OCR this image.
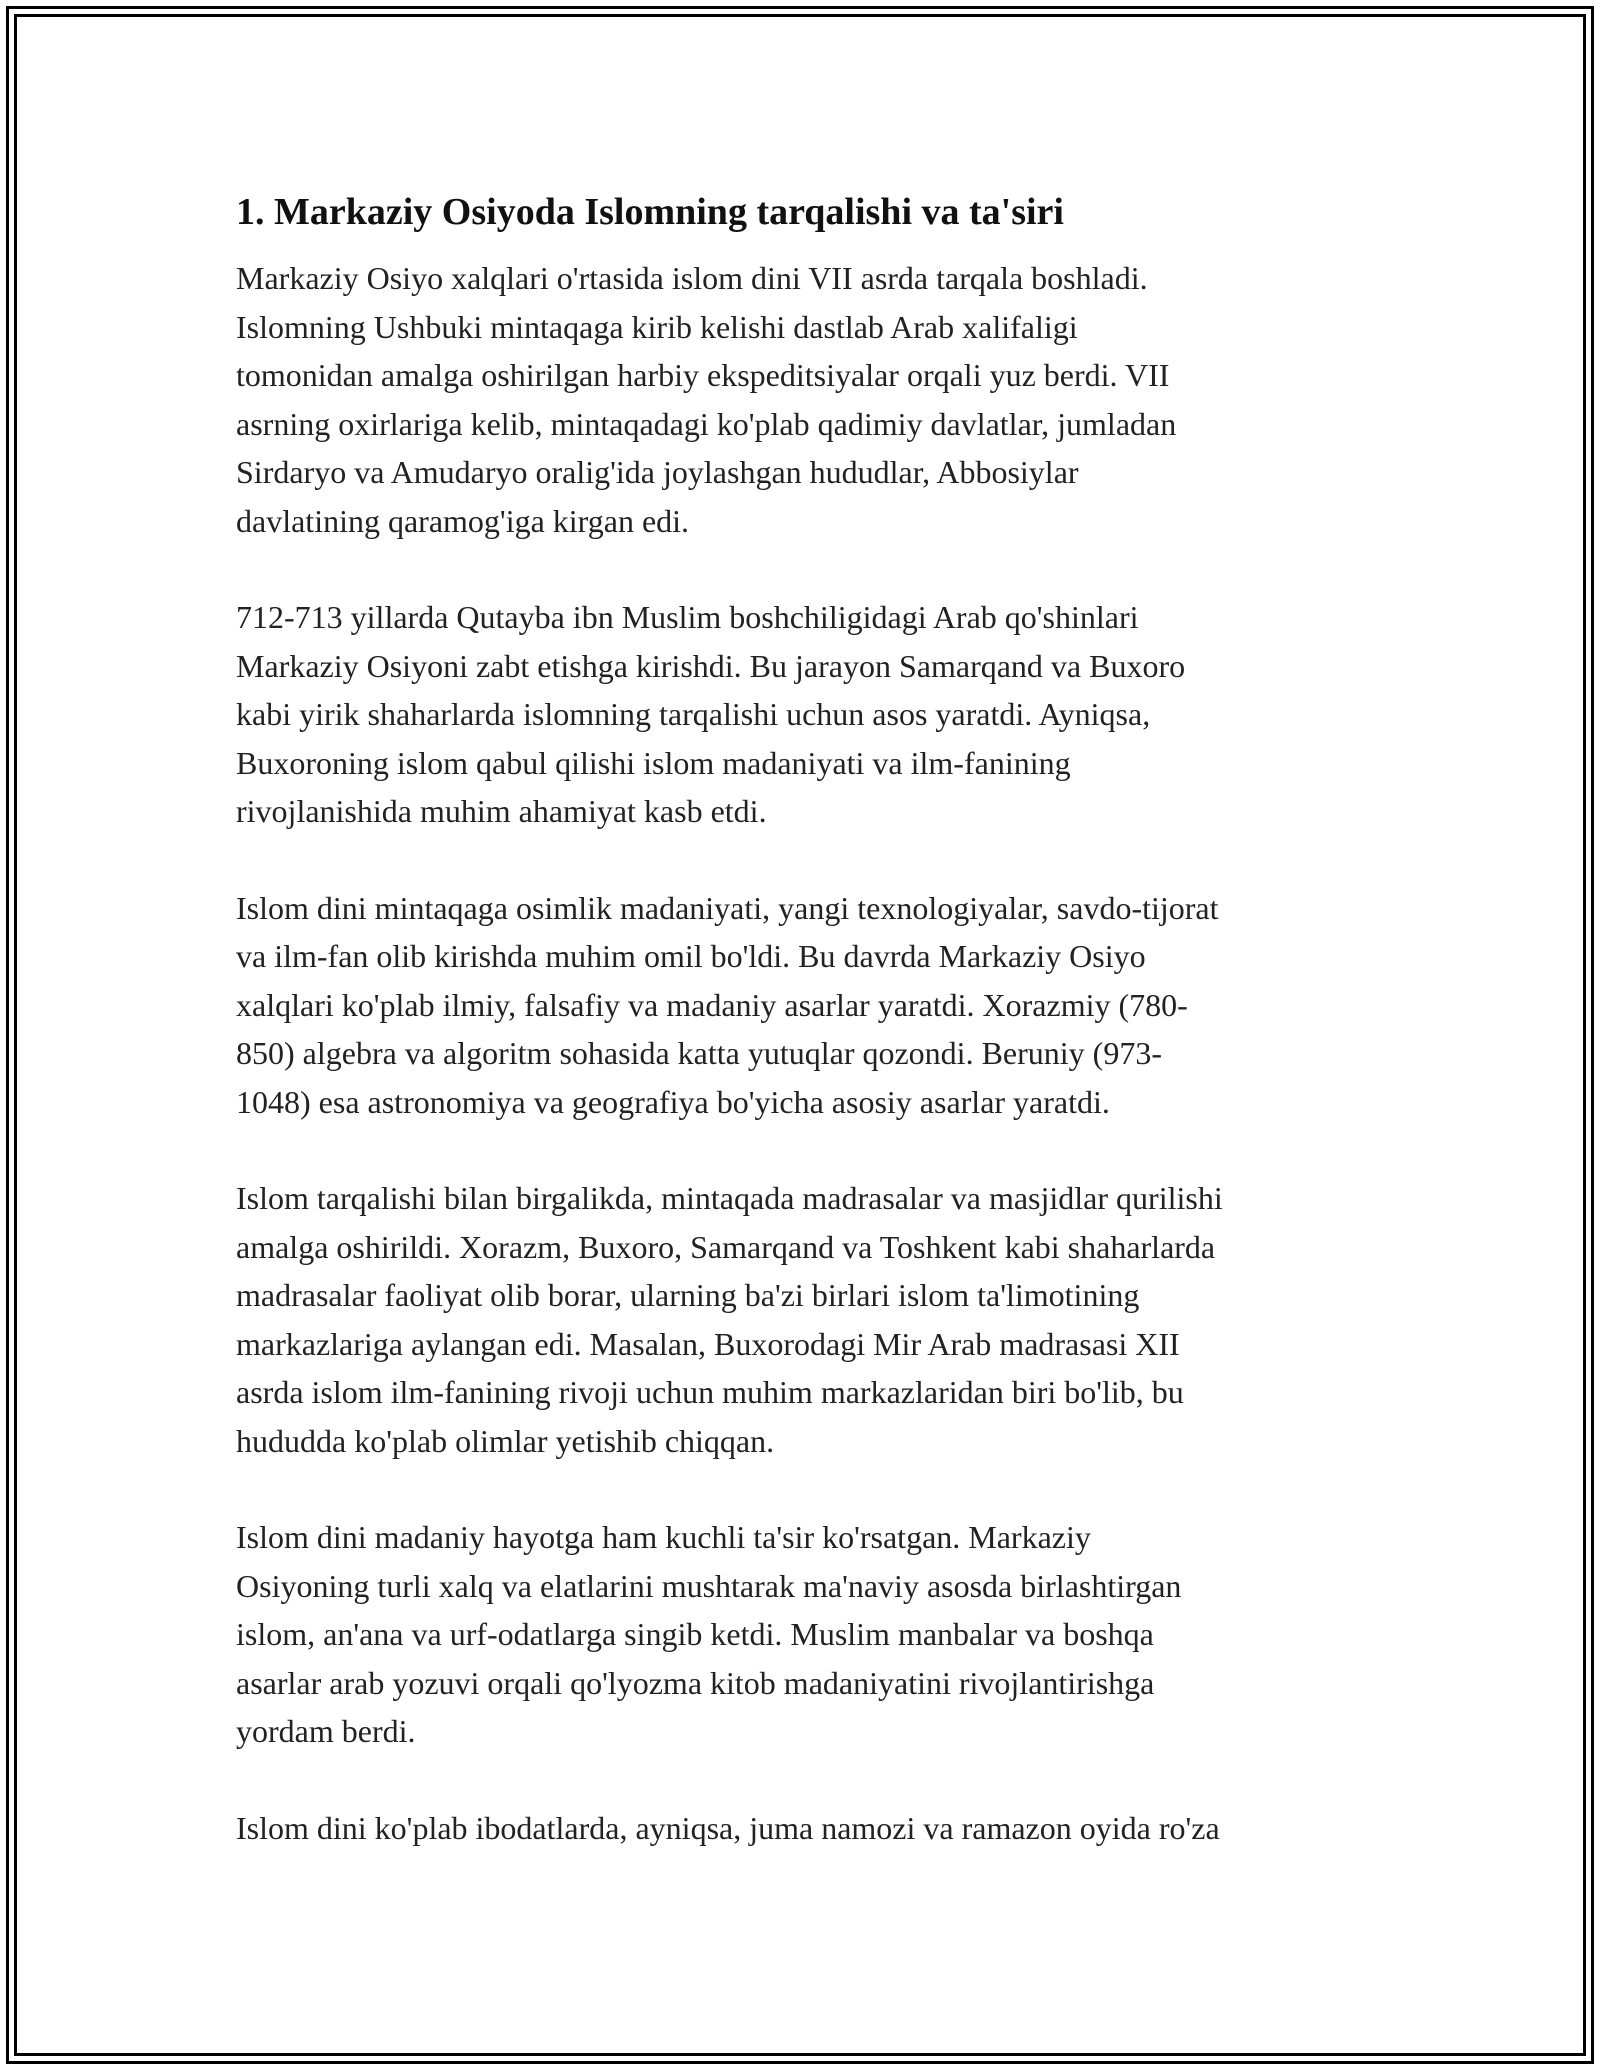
1. Markaziy Osiyoda Islomning tarqalishi va ta'siri

Markaziy Osiyo xalqlari o'rtasida islom dini VII asrda tarqala boshladi.
Islomning Ushbuki mintaqaga kirib kelishi dastlab Arab xalifaligi
tomonidan amalga oshirilgan harbiy ekspeditsiyalar orqali yuz berdi. VII
asrning oxirlariga kelib, mintaqadagi ko'plab qadimiy davlatlar, jumladan
Sirdaryo va Amudaryo oralig'ida joylashgan hududlar, Abbosiylar
davlatining qaramog'iga kirgan edi.

712-713 yillarda Qutayba ibn Muslim boshchiligidagi Arab qo'shinlari
Markaziy Osiyoni zabt etishga kirishdi. Bu jarayon Samarqand va Buxoro
kabi yirik shaharlarda islomning tarqalishi uchun asos yaratdi. Ayniqsa,
Buxoroning islom qabul qilishi islom madaniyati va ilm-fanining
rivojlanishida muhim ahamiyat kasb etdi.

Islom dini mintaqaga osimlik madaniyati, yangi texnologiyalar, savdo-tijorat
va ilm-fan olib kirishda muhim omil bo'ldi. Bu davrda Markaziy Osiyo
xalqlari ko'plab ilmiy, falsafiy va madaniy asarlar yaratdi. Xorazmiy (780-
850) algebra va algoritm sohasida katta yutuqlar qozondi. Beruniy (973-
1048) esa astronomiya va geografiya bo'yicha asosiy asarlar yaratdi.

Islom tarqalishi bilan birgalikda, mintaqada madrasalar va masjidlar qurilishi
amalga oshirildi. Xorazm, Buxoro, Samarqand va Toshkent kabi shaharlarda
madrasalar faoliyat olib borar, ularning ba'zi birlari islom ta'limotining
markazlariga aylangan edi. Masalan, Buxorodagi Mir Arab madrasasi XII
asrda islom ilm-fanining rivoji uchun muhim markazlaridan biri bo'lib, bu
hududda ko'plab olimlar yetishib chiqqan.

Islom dini madaniy hayotga ham kuchli ta'sir ko'rsatgan. Markaziy
Osiyoning turli xalq va elatlarini mushtarak ma'naviy asosda birlashtirgan
islom, an'ana va urf-odatlarga singib ketdi. Muslim manbalar va boshqa
asarlar arab yozuvi orqali qo'lyozma kitob madaniyatini rivojlantirishga
yordam berdi.

Islom dini ko'plab ibodatlarda, ayniqsa, juma namozi va ramazon oyida ro'za
